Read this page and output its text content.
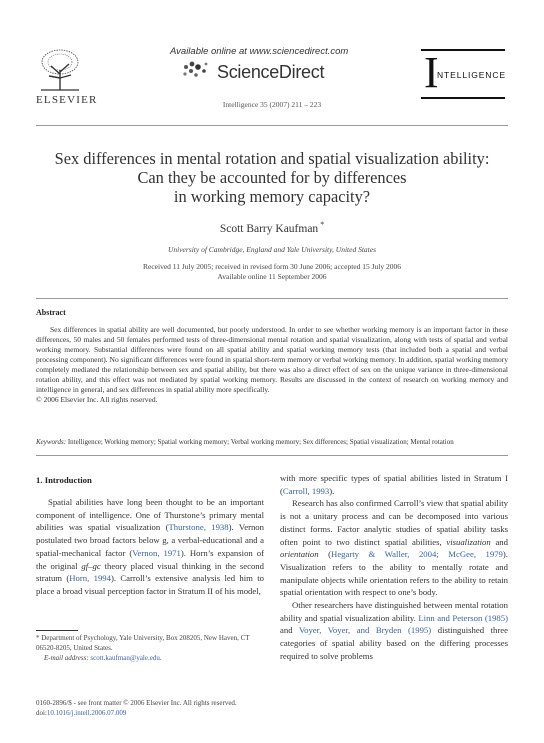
ELSEVIER
Available online at www.sciencedirect.com
ScienceDirect
Intelligence 35 (2007) 211 – 223
I
NTELLIGENCE
Sex differences in mental rotation and spatial visualization ability:
Can they be accounted for by differences
in working memory capacity?
Scott Barry Kaufman *
University of Cambridge, England and Yale University, United States
Received 11 July 2005; received in revised form 30 June 2006; accepted 15 July 2006
Available online 11 September 2006
Abstract

Sex differences in spatial ability are well documented, but poorly understood. In order to see whether working memory is an important factor in these differences, 50 males and 50 females performed tests of three-dimensional mental rotation and spatial visualization, along with tests of spatial and verbal working memory. Substantial differences were found on all spatial ability and spatial working memory tests (that included both a spatial and verbal processing component). No significant differences were found in spatial short-term memory or verbal working memory. In addition, spatial working memory completely mediated the relationship between sex and spatial ability, but there was also a direct effect of sex on the unique variance in three-dimensional rotation ability, and this effect was not mediated by spatial working memory. Results are discussed in the context of research on working memory and intelligence in general, and sex differences in spatial ability more specifically.

© 2006 Elsevier Inc. All rights reserved.
Keywords: Intelligence; Working memory; Spatial working memory; Verbal working memory; Sex differences; Spatial visualization; Mental rotation
1. Introduction

Spatial abilities have long been thought to be an important component of intelligence. One of Thurstone’s primary mental abilities was spatial visualization (Thurstone, 1938). Vernon postulated two broad factors below g, a verbal-educational and a spatial-mechanical factor (Vernon, 1971). Horn’s expansion of the original gf–gc theory placed visual thinking in the second stratum (Horn, 1994). Carroll’s extensive analysis led him to place a broad visual perception factor in Stratum II of his model,

with more specific types of spatial abilities listed in Stratum I (Carroll, 1993).

Research has also confirmed Carroll’s view that spatial ability is not a unitary process and can be decomposed into various distinct forms. Factor analytic studies of spatial ability tasks often point to two distinct spatial abilities, visualization and orientation (Hegarty & Waller, 2004; McGee, 1979). Visualization refers to the ability to mentally rotate and manipulate objects while orientation refers to the ability to retain spatial orientation with respect to one’s body.

Other researchers have distinguished between mental rotation ability and spatial visualization ability. Linn and Peterson (1985) and Voyer, Voyer, and Bryden (1995) distinguished three categories of spatial ability based on the differing processes required to solve problems

* Department of Psychology, Yale University, Box 208205, New Haven, CT 06520-8205, United States.
E-mail address: scott.kaufman@yale.edu.
0160-2896/$ - see front matter © 2006 Elsevier Inc. All rights reserved.
doi:10.1016/j.intell.2006.07.009
